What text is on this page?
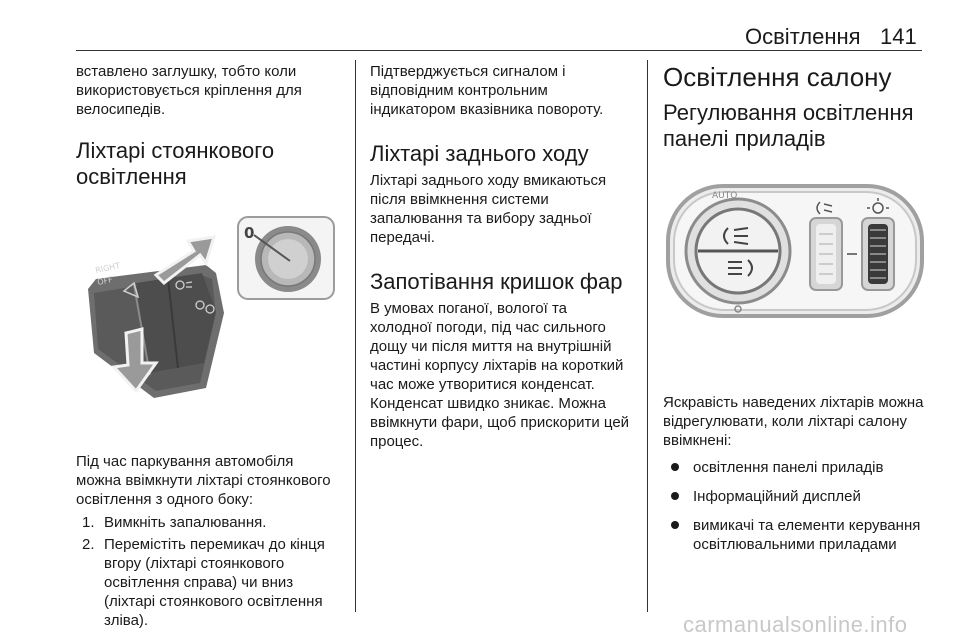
Освітлення 141

вставлено заглушку, тобто коли використовується кріплення для велосипедів.

Ліхтарі стоянкового освітлення
RIGHT
OFF
0

Під час паркування автомобіля можна ввімкнути ліхтарі стоянкового освітлення з одного боку:

1. Вимкніть запалювання.
2. Перемістіть перемикач до кінця вгору (ліхтарі стоянкового освітлення справа) чи вниз (ліхтарі стоянкового освітлення зліва).

Підтверджується сигналом і відповідним контрольним індикатором вказівника повороту.

Ліхтарі заднього ходу

Ліхтарі заднього ходу вмикаються після ввімкнення системи запалювання та вибору задньої передачі.

Запотівання кришок фар

В умовах поганої, вологої та холодної погоди, під час сильного дощу чи після миття на внутрішній частині корпусу ліхтарів на короткий час може утворитися конденсат. Конденсат швидко зникає. Можна ввімкнути фари, щоб прискорити цей процес.

Освітлення салону
Регулювання освітлення панелі приладів
AUTO

Яскравість наведених ліхтарів можна відрегулювати, коли ліхтарі салону ввімкнені:

освітлення панелі приладів
Інформаційний дисплей
вимикачі та елементи керування освітлювальними приладами
carmanualsonline.info
